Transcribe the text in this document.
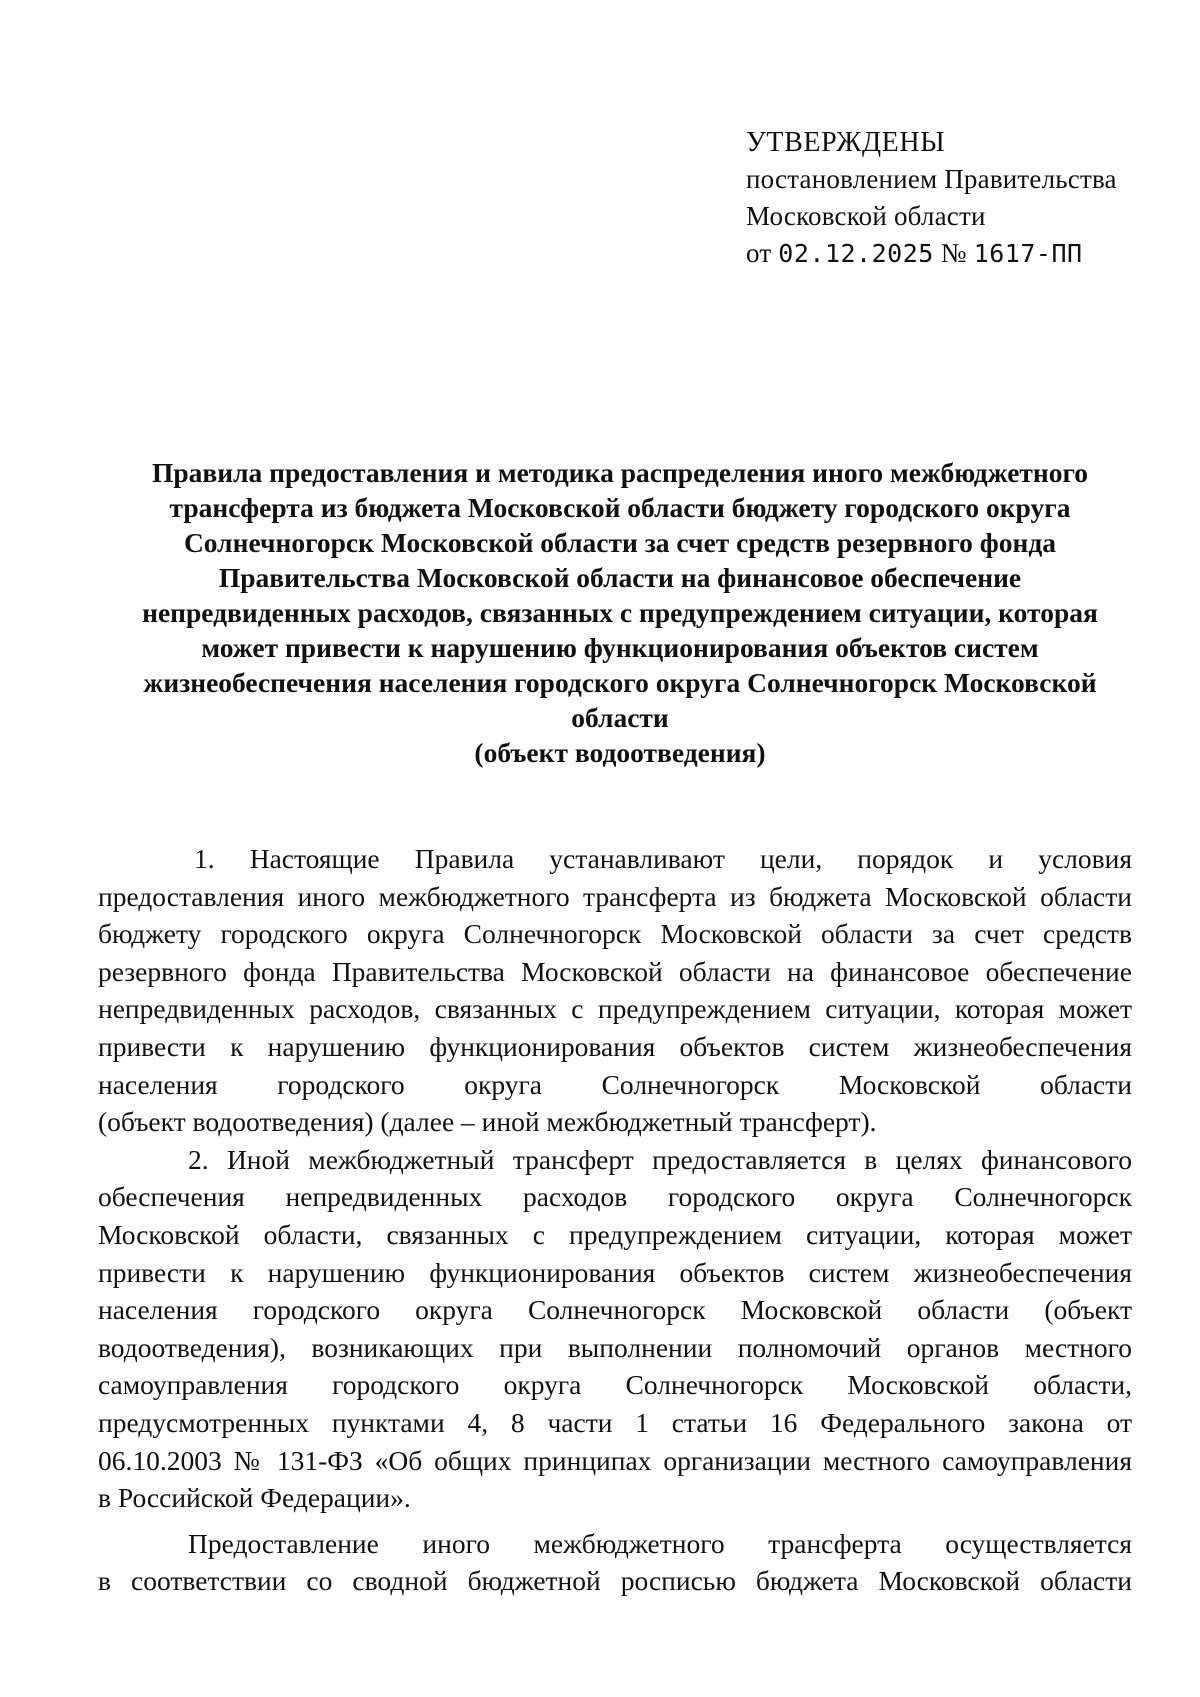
УТВЕРЖДЕНЫ
постановлением Правительства
Московской области
от 02.12.2025 № 1617-ПП
Правила предоставления и методика распределения иного межбюджетного
трансферта из бюджета Московской области бюджету городского округа
Солнечногорск Московской области за счет средств резервного фонда
Правительства Московской области на финансовое обеспечение
непредвиденных расходов, связанных с предупреждением ситуации, которая
может привести к нарушению функционирования объектов систем
жизнеобеспечения населения городского округа Солнечногорск Московской
области
(объект водоотведения)
1. Настоящие Правила устанавливают цели, порядок и условия
предоставления иного межбюджетного трансферта из бюджета Московской области
бюджету городского округа Солнечногорск Московской области за счет средств
резервного фонда Правительства Московской области на финансовое обеспечение
непредвиденных расходов, связанных с предупреждением ситуации, которая может
привести к нарушению функционирования объектов систем жизнеобеспечения
населения городского округа Солнечногорск Московской области
(объект водоотведения) (далее – иной межбюджетный трансферт).
2. Иной межбюджетный трансферт предоставляется в целях финансового
обеспечения непредвиденных расходов городского округа Солнечногорск
Московской области, связанных с предупреждением ситуации, которая может
привести к нарушению функционирования объектов систем жизнеобеспечения
населения городского округа Солнечногорск Московской области (объект
водоотведения), возникающих при выполнении полномочий органов местного
самоуправления городского округа Солнечногорск Московской области,
предусмотренных пунктами 4, 8 части 1 статьи 16 Федерального закона от
06.10.2003 № 131-ФЗ «Об общих принципах организации местного самоуправления
в Российской Федерации».
Предоставление иного межбюджетного трансферта осуществляется
в соответствии со сводной бюджетной росписью бюджета Московской области
